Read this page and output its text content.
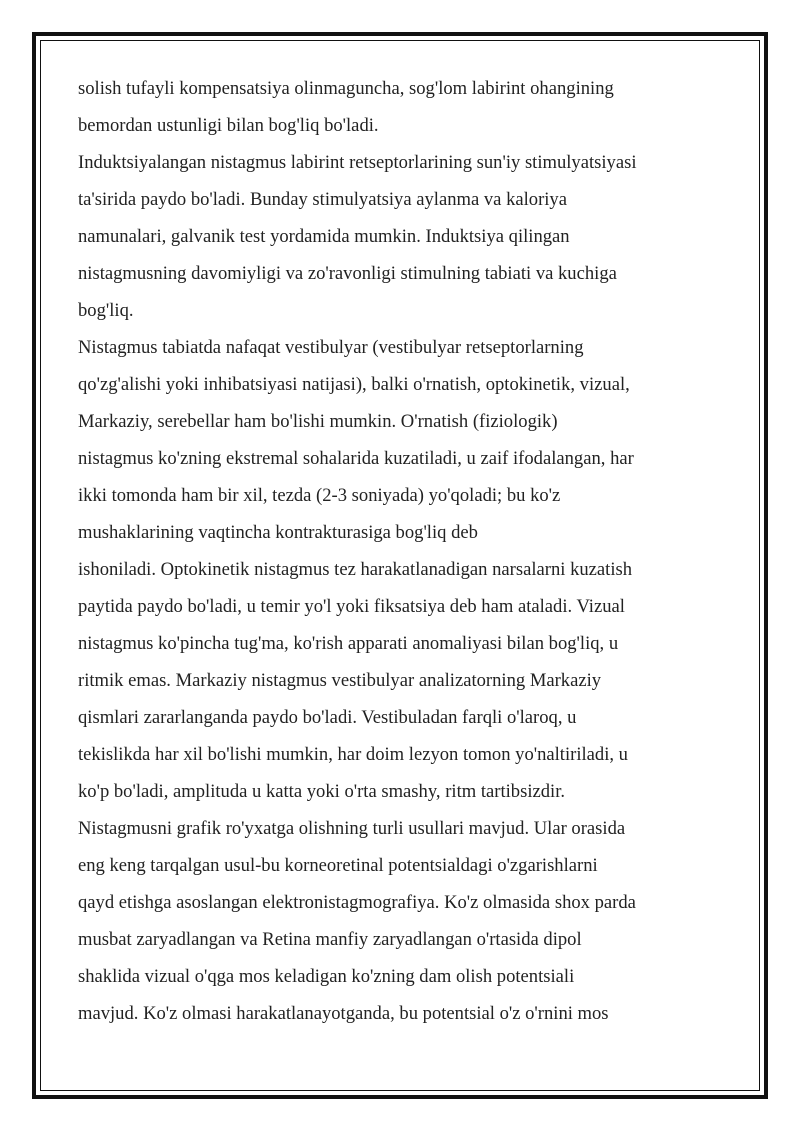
solish tufayli kompensatsiya olinmaguncha, sog'lom labirint ohangining
bemordan ustunligi bilan bog'liq bo'ladi.

Induktsiyalangan nistagmus labirint retseptorlarining sun'iy stimulyatsiyasi
ta'sirida paydo bo'ladi. Bunday stimulyatsiya aylanma va kaloriya
namunalari, galvanik test yordamida mumkin. Induktsiya qilingan
nistagmusning davomiyligi va zo'ravonligi stimulning tabiati va kuchiga
bog'liq.

Nistagmus tabiatda nafaqat vestibulyar (vestibulyar retseptorlarning
qo'zg'alishi yoki inhibatsiyasi natijasi), balki o'rnatish, optokinetik, vizual,
Markaziy, serebellar ham bo'lishi mumkin. O'rnatish (fiziologik)
nistagmus ko'zning ekstremal sohalarida kuzatiladi, u zaif ifodalangan, har
ikki tomonda ham bir xil, tezda (2-3 soniyada) yo'qoladi; bu ko'z
mushaklarining vaqtincha kontrakturasiga bog'liq deb
ishoniladi. Optokinetik nistagmus tez harakatlanadigan narsalarni kuzatish
paytida paydo bo'ladi, u temir yo'l yoki fiksatsiya deb ham ataladi. Vizual
nistagmus ko'pincha tug'ma, ko'rish apparati anomaliyasi bilan bog'liq, u
ritmik emas. Markaziy nistagmus vestibulyar analizatorning Markaziy
qismlari zararlanganda paydo bo'ladi. Vestibuladan farqli o'laroq, u
tekislikda har xil bo'lishi mumkin, har doim lezyon tomon yo'naltiriladi, u
ko'p bo'ladi, amplituda u katta yoki o'rta smashy, ritm tartibsizdir.

Nistagmusni grafik ro'yxatga olishning turli usullari mavjud. Ular orasida
eng keng tarqalgan usul-bu korneoretinal potentsialdagi o'zgarishlarni
qayd etishga asoslangan elektronistagmografiya. Ko'z olmasida shox parda
musbat zaryadlangan va Retina manfiy zaryadlangan o'rtasida dipol
shaklida vizual o'qga mos keladigan ko'zning dam olish potentsiali
mavjud. Ko'z olmasi harakatlanayotganda, bu potentsial o'z o'rnini mos
